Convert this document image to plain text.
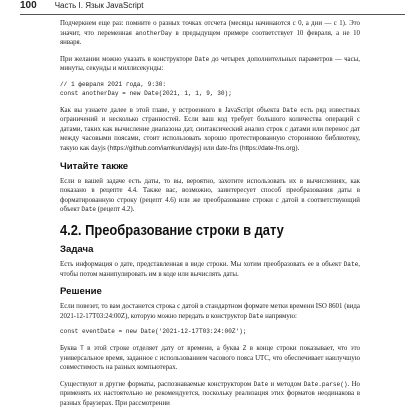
100 Часть I. Язык JavaScript

Подчеркнем еще раз: помните о разных точках отсчета (месяцы начинаются с 0, а дни — с 1). Это значит, что переменная anotherDay в предыдущем примере соответствует 10 февраля, а не 10 января.

При желании можно указать в конструкторе Date до четырех дополнительных параметров — часы, минуты, секунды и миллисекунды:

// 1 февраля 2021 года, 9:30:
const anotherDay = new Date(2021, 1, 1, 9, 30);

Как вы узнаете далее в этой главе, у встроенного в JavaScript объекта Date есть ряд известных ограничений и несколько странностей. Если ваш код требует большого количества операций с датами, таких как вычисление диапазона дат, синтаксический анализ строк с датами или перенос дат между часовыми поясами, стоит использовать хорошо протестированную стороннюю библиотеку, такую как dayjs (https://github.com/iamkun/dayjs) или date-fns (https://date-fns.org).

Читайте также

Если в вашей задаче есть даты, то вы, вероятно, захотите использовать их в вычислениях, как показано в рецепте 4.4. Также вас, возможно, заинтересует способ преобразования даты в форматированную строку (рецепт 4.6) или же преобразование строки с датой в соответствующий объект Date (рецепт 4.2).

4.2. Преобразование строки в дату
Задача

Есть информация о дате, представленная в виде строки. Мы хотим преобразовать ее в объект Date, чтобы потом манипулировать им в коде или вычислять даты.

Решение

Если повезет, то вам достанется строка с датой в стандартном формате метки времени ISO 8601 (вида 2021-12-17T03:24:00Z), которую можно передать в конструктор Date напрямую:

const eventDate = new Date('2021-12-17T03:24:00Z');

Буква T в этой строке отделяет дату от времени, а буква Z в конце строки показывает, что это универсальное время, заданное с использованием часового пояса UTC, что обеспечивает наилучшую совместимость на разных компьютерах.

Существуют и другие форматы, распознаваемые конструктором Date и методом Date.parse(). Но применять их настоятельно не рекомендуется, поскольку реализация этих форматов неодинакова в разных браузерах. При рассмотрении
